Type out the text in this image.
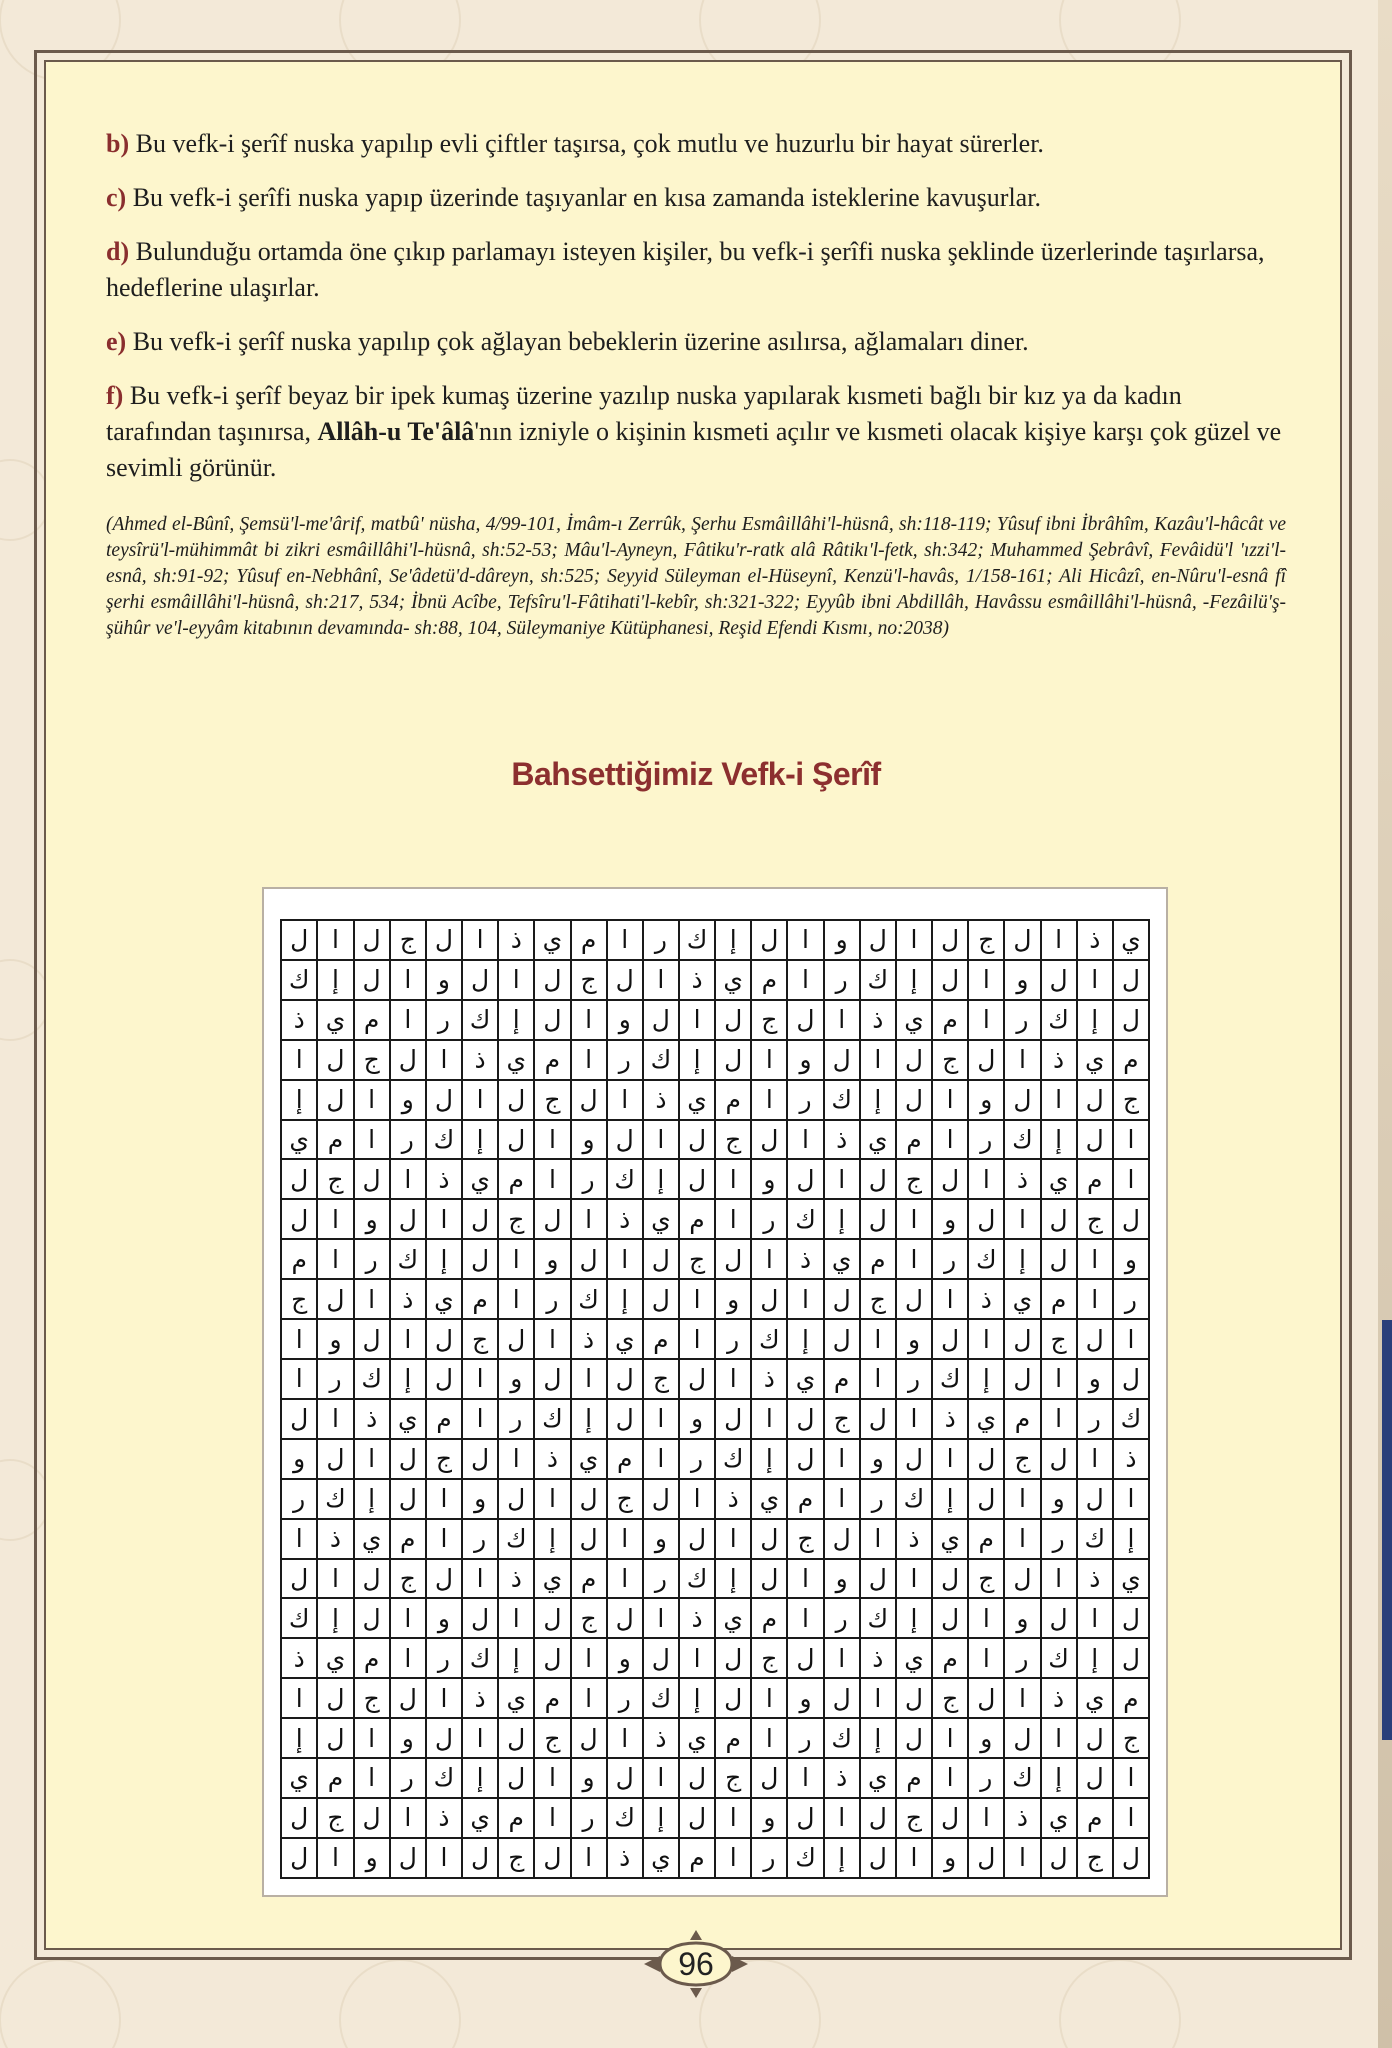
b) Bu vefk-i şerîf nuska yapılıp evli çiftler taşırsa, çok mutlu ve huzurlu bir hayat sürerler.

c) Bu vefk-i şerîfi nuska yapıp üzerinde taşıyanlar en kısa zamanda isteklerine kavuşurlar.

d) Bulunduğu ortamda öne çıkıp parlamayı isteyen kişiler, bu vefk-i şerîfi nuska şeklinde üzerlerinde taşırlarsa, hedeflerine ulaşırlar.

e) Bu vefk-i şerîf nuska yapılıp çok ağlayan bebeklerin üzerine asılırsa, ağlamaları diner.

f) Bu vefk-i şerîf beyaz bir ipek kumaş üzerine yazılıp nuska yapılarak kısmeti bağlı bir kız ya da kadın tarafından taşınırsa, Allâh-u Te'âlâ'nın izniyle o kişinin kısmeti açılır ve kısmeti olacak kişiye karşı çok güzel ve sevimli görünür.

(Ahmed el-Bûnî, Şemsü'l-me'ârif, matbû' nüsha, 4/99-101, İmâm-ı Zerrûk, Şerhu Esmâillâhi'l-hüsnâ, sh:118-119; Yûsuf ibni İbrâhîm, Kazâu'l-hâcât ve teysîrü'l-mühimmât bi zikri esmâillâhi'l-hüsnâ, sh:52-53; Mâu'l-Ayneyn, Fâtiku'r-ratk alâ Râtikı'l-fetk, sh:342; Muhammed Şebrâvî, Fevâidü'l 'ızzi'l-esnâ, sh:91-92; Yûsuf en-Nebhânî, Se'âdetü'd-dâreyn, sh:525; Seyyid Süleyman el-Hüseynî, Kenzü'l-havâs, 1/158-161; Ali Hicâzî, en-Nûru'l-esnâ fî şerhi esmâillâhi'l-hüsnâ, sh:217, 534; İbnü Acîbe, Tefsîru'l-Fâtihati'l-kebîr, sh:321-322; Eyyûb ibni Abdillâh, Havâssu esmâillâhi'l-hüsnâ, -Fezâilü'ş-şühûr ve'l-eyyâm kitabının devamında- sh:88, 104, Süleymaniye Kütüphanesi, Reşid Efendi Kısmı, no:2038)

Bahsettiğimiz Vefk-i Şerîf
ي	ذ	ا	ل	ج	ل	ا	ل	و	ا	ل	إ	ك	ر	ا	م	ي	ذ	ا	ل	ج	ل	ا	ل
ل	ا	ل	و	ا	ل	إ	ك	ر	ا	م	ي	ذ	ا	ل	ج	ل	ا	ل	و	ا	ل	إ	ك
ل	إ	ك	ر	ا	م	ي	ذ	ا	ل	ج	ل	ا	ل	و	ا	ل	إ	ك	ر	ا	م	ي	ذ
م	ي	ذ	ا	ل	ج	ل	ا	ل	و	ا	ل	إ	ك	ر	ا	م	ي	ذ	ا	ل	ج	ل	ا
ج	ل	ا	ل	و	ا	ل	إ	ك	ر	ا	م	ي	ذ	ا	ل	ج	ل	ا	ل	و	ا	ل	إ
ا	ل	إ	ك	ر	ا	م	ي	ذ	ا	ل	ج	ل	ا	ل	و	ا	ل	إ	ك	ر	ا	م	ي
ا	م	ي	ذ	ا	ل	ج	ل	ا	ل	و	ا	ل	إ	ك	ر	ا	م	ي	ذ	ا	ل	ج	ل
ل	ج	ل	ا	ل	و	ا	ل	إ	ك	ر	ا	م	ي	ذ	ا	ل	ج	ل	ا	ل	و	ا	ل
و	ا	ل	إ	ك	ر	ا	م	ي	ذ	ا	ل	ج	ل	ا	ل	و	ا	ل	إ	ك	ر	ا	م
ر	ا	م	ي	ذ	ا	ل	ج	ل	ا	ل	و	ا	ل	إ	ك	ر	ا	م	ي	ذ	ا	ل	ج
ا	ل	ج	ل	ا	ل	و	ا	ل	إ	ك	ر	ا	م	ي	ذ	ا	ل	ج	ل	ا	ل	و	ا
ل	و	ا	ل	إ	ك	ر	ا	م	ي	ذ	ا	ل	ج	ل	ا	ل	و	ا	ل	إ	ك	ر	ا
ك	ر	ا	م	ي	ذ	ا	ل	ج	ل	ا	ل	و	ا	ل	إ	ك	ر	ا	م	ي	ذ	ا	ل
ذ	ا	ل	ج	ل	ا	ل	و	ا	ل	إ	ك	ر	ا	م	ي	ذ	ا	ل	ج	ل	ا	ل	و
ا	ل	و	ا	ل	إ	ك	ر	ا	م	ي	ذ	ا	ل	ج	ل	ا	ل	و	ا	ل	إ	ك	ر
إ	ك	ر	ا	م	ي	ذ	ا	ل	ج	ل	ا	ل	و	ا	ل	إ	ك	ر	ا	م	ي	ذ	ا
ي	ذ	ا	ل	ج	ل	ا	ل	و	ا	ل	إ	ك	ر	ا	م	ي	ذ	ا	ل	ج	ل	ا	ل
ل	ا	ل	و	ا	ل	إ	ك	ر	ا	م	ي	ذ	ا	ل	ج	ل	ا	ل	و	ا	ل	إ	ك
ل	إ	ك	ر	ا	م	ي	ذ	ا	ل	ج	ل	ا	ل	و	ا	ل	إ	ك	ر	ا	م	ي	ذ
م	ي	ذ	ا	ل	ج	ل	ا	ل	و	ا	ل	إ	ك	ر	ا	م	ي	ذ	ا	ل	ج	ل	ا
ج	ل	ا	ل	و	ا	ل	إ	ك	ر	ا	م	ي	ذ	ا	ل	ج	ل	ا	ل	و	ا	ل	إ
ا	ل	إ	ك	ر	ا	م	ي	ذ	ا	ل	ج	ل	ا	ل	و	ا	ل	إ	ك	ر	ا	م	ي
ا	م	ي	ذ	ا	ل	ج	ل	ا	ل	و	ا	ل	إ	ك	ر	ا	م	ي	ذ	ا	ل	ج	ل
ل	ج	ل	ا	ل	و	ا	ل	إ	ك	ر	ا	م	ي	ذ	ا	ل	ج	ل	ا	ل	و	ا	ل
96
